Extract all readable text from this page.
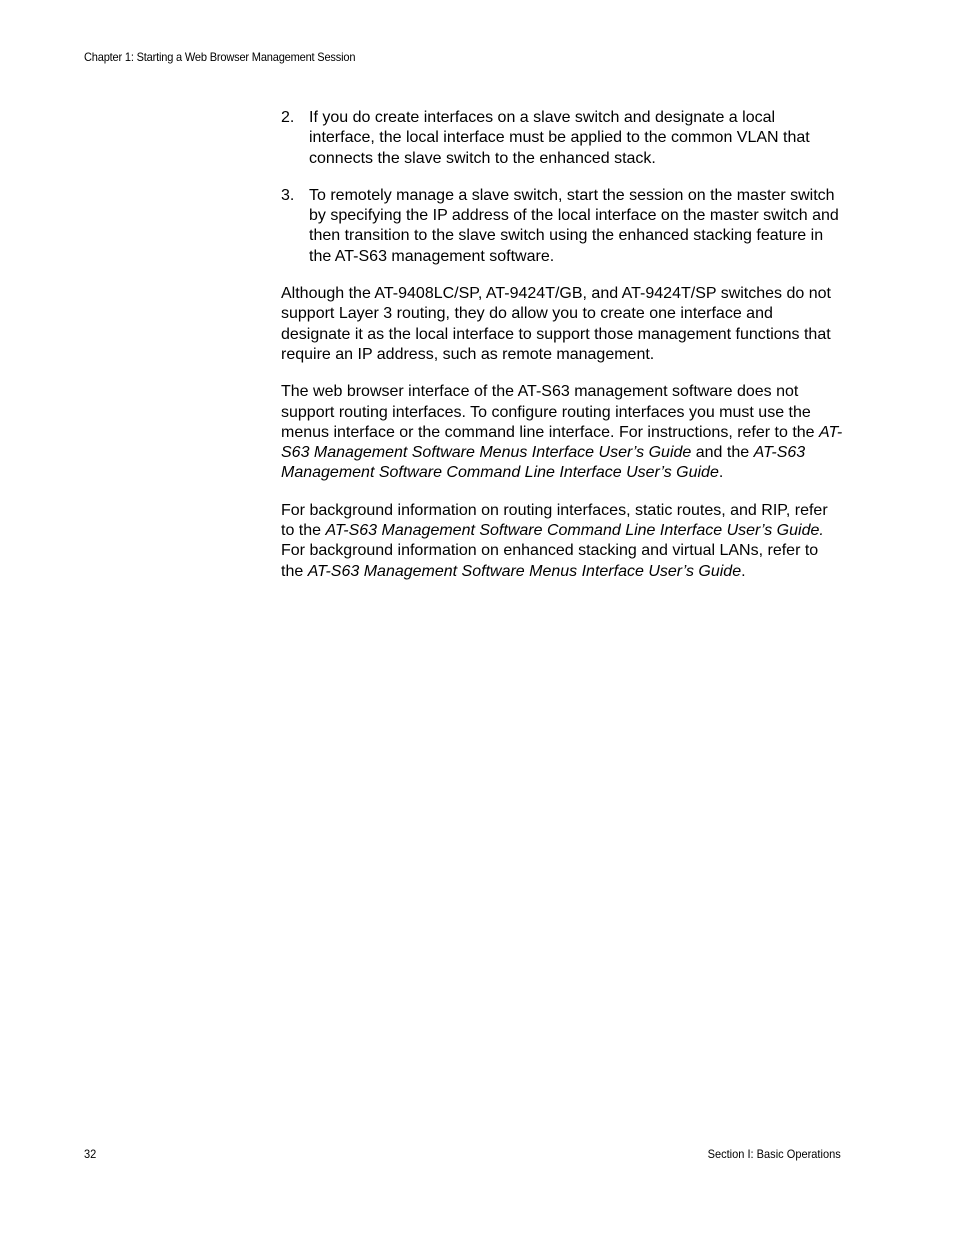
Chapter 1: Starting a Web Browser Management Session
2. If you do create interfaces on a slave switch and designate a local interface, the local interface must be applied to the common VLAN that connects the slave switch to the enhanced stack.
3. To remotely manage a slave switch, start the session on the master switch by specifying the IP address of the local interface on the master switch and then transition to the slave switch using the enhanced stacking feature in the AT-S63 management software.

Although the AT-9408LC/SP, AT-9424T/GB, and AT-9424T/SP switches do not support Layer 3 routing, they do allow you to create one interface and designate it as the local interface to support those management functions that require an IP address, such as remote management.

The web browser interface of the AT-S63 management software does not support routing interfaces. To configure routing interfaces you must use the menus interface or the command line interface. For instructions, refer to the AT-S63 Management Software Menus Interface User’s Guide and the AT-S63 Management Software Command Line Interface User’s Guide.

For background information on routing interfaces, static routes, and RIP, refer to the AT-S63 Management Software Command Line Interface User’s Guide. For background information on enhanced stacking and virtual LANs, refer to the AT-S63 Management Software Menus Interface User’s Guide.

32	Section I: Basic Operations
